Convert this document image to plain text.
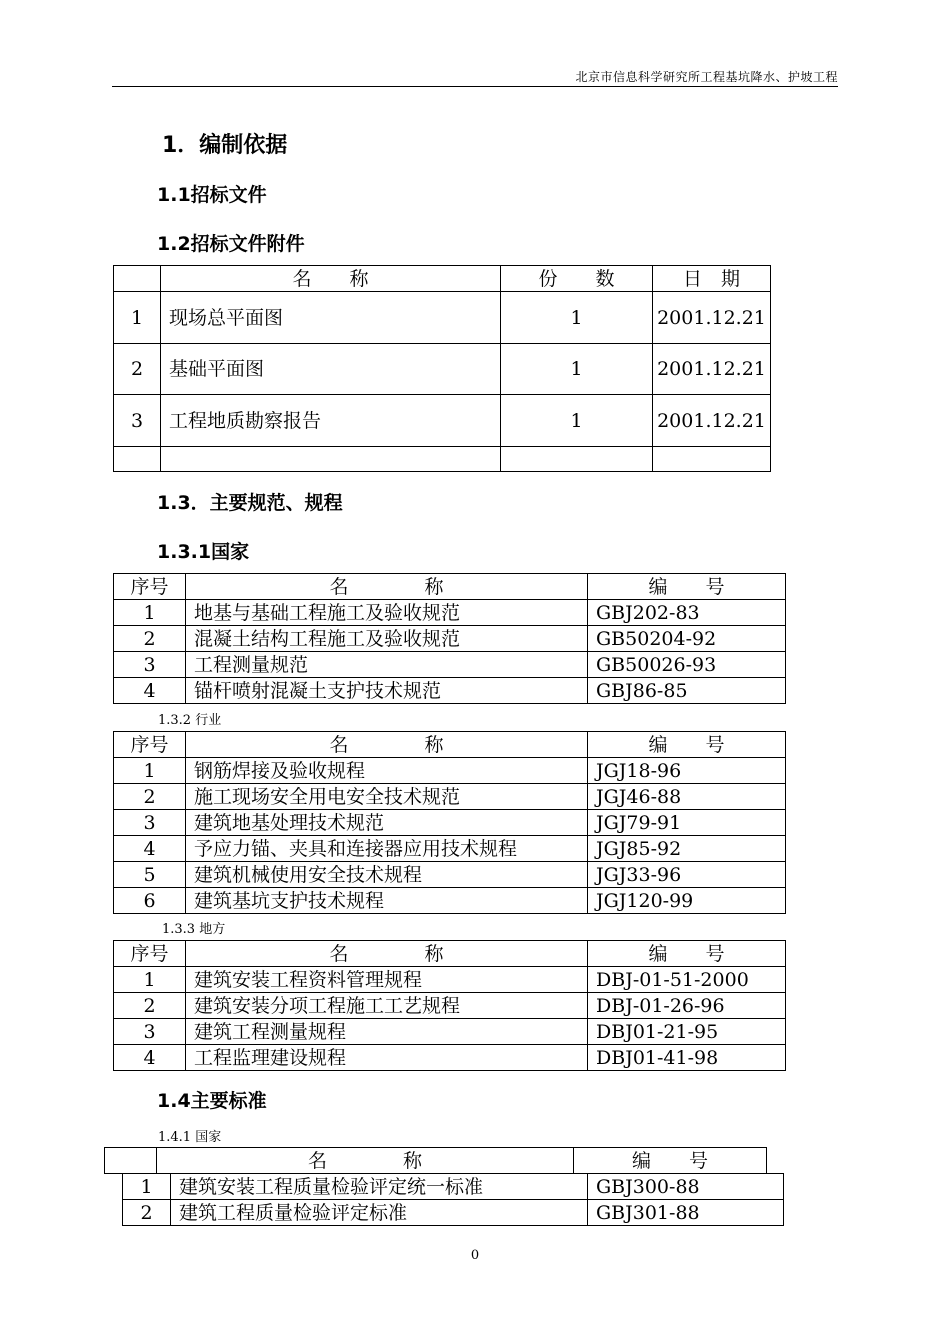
北京市信息科学研究所工程基坑降水、护坡工程
1．编制依据
1.1招标文件
1.2招标文件附件
	名　　称	份　　数	日　期
1	现场总平面图	1	2001.12.21
2	基础平面图	1	2001.12.21
3	工程地质勘察报告	1	2001.12.21

1.3．主要规范、规程
1.3.1国家
序号	名　　　　称	编　　号
1	地基与基础工程施工及验收规范	GBJ202-83
2	混凝土结构工程施工及验收规范	GB50204-92
3	工程测量规范	GB50026-93
4	锚杆喷射混凝土支护技术规范	GBJ86-85
1.3.2 行业
序号	名　　　　称	编　　号
1	钢筋焊接及验收规程	JGJ18-96
2	施工现场安全用电安全技术规范	JGJ46-88
3	建筑地基处理技术规范	JGJ79-91
4	予应力锚、夹具和连接器应用技术规程	JGJ85-92
5	建筑机械使用安全技术规程	JGJ33-96
6	建筑基坑支护技术规程	JGJ120-99
1.3.3 地方
序号	名　　　　称	编　　号
1	建筑安装工程资料管理规程	DBJ-01-51-2000
2	建筑安装分项工程施工工艺规程	DBJ-01-26-96
3	建筑工程测量规程	DBJ01-21-95
4	工程监理建设规程	DBJ01-41-98
1.4主要标准
1.4.1 国家
	名　　　　称	编　　号
1	建筑安装工程质量检验评定统一标准	GBJ300-88
2	建筑工程质量检验评定标准	GBJ301-88
0
